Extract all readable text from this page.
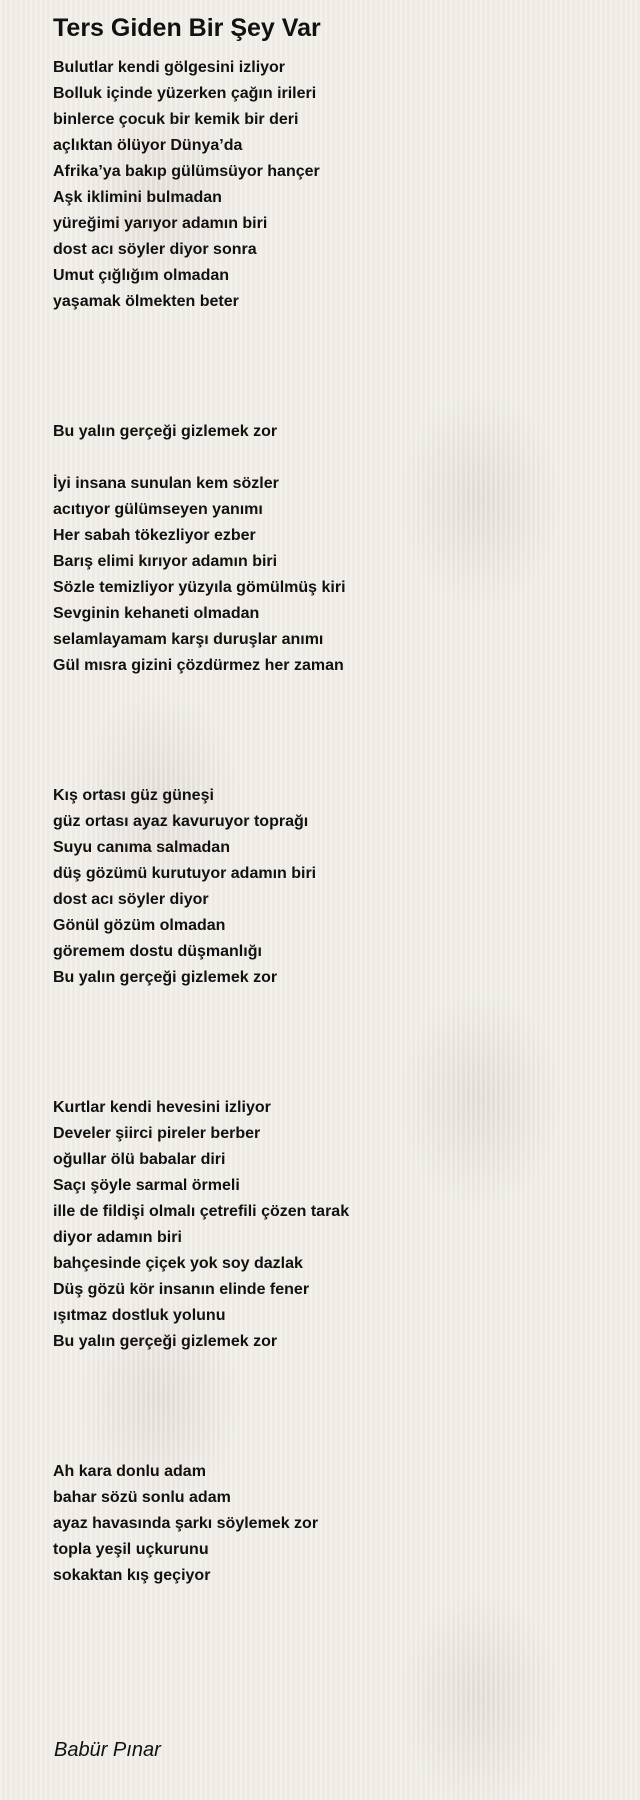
Ters Giden Bir Şey Var
Bulutlar kendi gölgesini izliyor
Bolluk içinde yüzerken çağın irileri
binlerce çocuk bir kemik bir deri
açlıktan ölüyor Dünya’da
Afrika’ya bakıp gülümsüyor hançer
Aşk iklimini bulmadan
yüreğimi yarıyor adamın biri
dost acı söyler diyor sonra
Umut çığlığım olmadan
yaşamak ölmekten beter
Bu yalın gerçeği gizlemek zor
İyi insana sunulan kem sözler
acıtıyor gülümseyen yanımı
Her sabah tökezliyor ezber
Barış elimi kırıyor adamın biri
Sözle temizliyor yüzyıla gömülmüş kiri
Sevginin kehaneti olmadan
selamlayamam karşı duruşlar anımı
Gül mısra gizini çözdürmez her zaman
Kış ortası güz güneşi
güz ortası ayaz kavuruyor toprağı
Suyu canıma salmadan
düş gözümü kurutuyor adamın biri
dost acı söyler diyor
Gönül gözüm olmadan
göremem dostu düşmanlığı
Bu yalın gerçeği gizlemek zor
Kurtlar kendi hevesini izliyor
Develer şiirci pireler berber
oğullar ölü babalar diri
Saçı şöyle sarmal örmeli
ille de fildişi olmalı çetrefili çözen tarak
diyor adamın biri
bahçesinde çiçek yok soy dazlak
Düş gözü kör insanın elinde fener
ışıtmaz dostluk yolunu
Bu yalın gerçeği gizlemek zor
Ah kara donlu adam
bahar sözü sonlu adam
ayaz havasında şarkı söylemek zor
topla yeşil uçkurunu
sokaktan kış geçiyor

Babür Pınar
